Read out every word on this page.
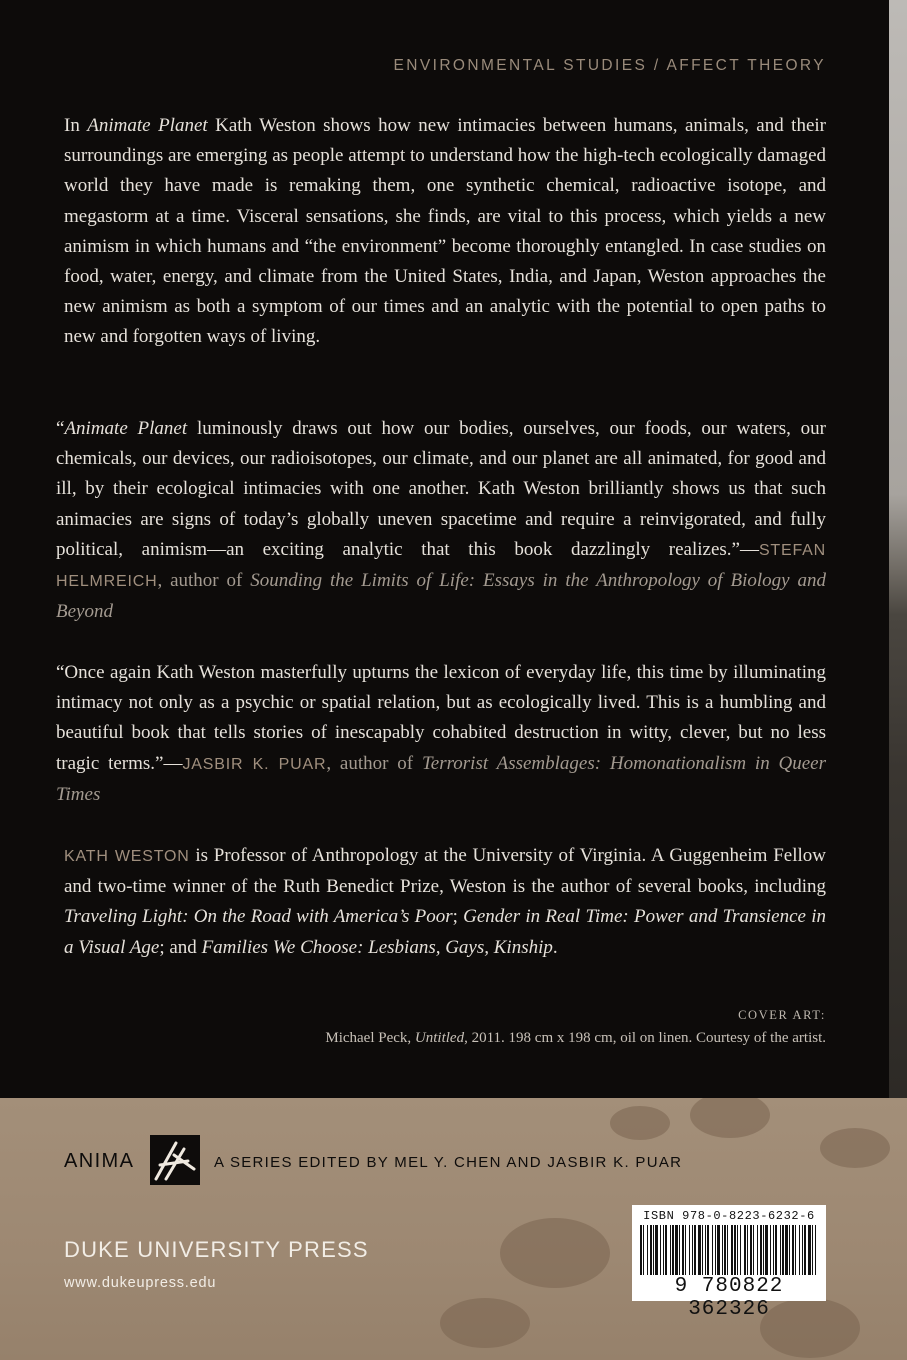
ENVIRONMENTAL STUDIES / AFFECT THEORY

In Animate Planet Kath Weston shows how new intimacies between humans, animals, and their surroundings are emerging as people attempt to understand how the high-tech ecologically damaged world they have made is remaking them, one synthetic chemical, radioactive isotope, and megastorm at a time. Visceral sensations, she finds, are vital to this process, which yields a new animism in which humans and “the environment” become thoroughly entangled. In case studies on food, water, energy, and climate from the United States, India, and Japan, Weston approaches the new animism as both a symptom of our times and an analytic with the potential to open paths to new and forgotten ways of living.

“Animate Planet luminously draws out how our bodies, ourselves, our foods, our waters, our chemicals, our devices, our radioisotopes, our climate, and our planet are all animated, for good and ill, by their ecological intimacies with one another. Kath Weston brilliantly shows us that such animacies are signs of today’s globally uneven spacetime and require a reinvigorated, and fully political, animism—an exciting analytic that this book dazzlingly realizes.”—STEFAN HELMREICH, author of Sounding the Limits of Life: Essays in the Anthropology of Biology and Beyond

“Once again Kath Weston masterfully upturns the lexicon of everyday life, this time by illuminating intimacy not only as a psychic or spatial relation, but as ecologically lived. This is a humbling and beautiful book that tells stories of inescapably cohabited destruction in witty, clever, but no less tragic terms.”—JASBIR K. PUAR, author of Terrorist Assemblages: Homonationalism in Queer Times

KATH WESTON is Professor of Anthropology at the University of Virginia. A Guggenheim Fellow and two-time winner of the Ruth Benedict Prize, Weston is the author of several books, including Traveling Light: On the Road with America’s Poor; Gender in Real Time: Power and Transience in a Visual Age; and Families We Choose: Lesbians, Gays, Kinship.

COVER ART:
Michael Peck, Untitled, 2011. 198 cm x 198 cm, oil on linen. Courtesy of the artist.
ANIMA	A SERIES EDITED BY MEL Y. CHEN AND JASBIR K. PUAR
DUKE UNIVERSITY PRESS
www.dukeupress.edu
ISBN 978-0-8223-6232-6
9 780822 362326
